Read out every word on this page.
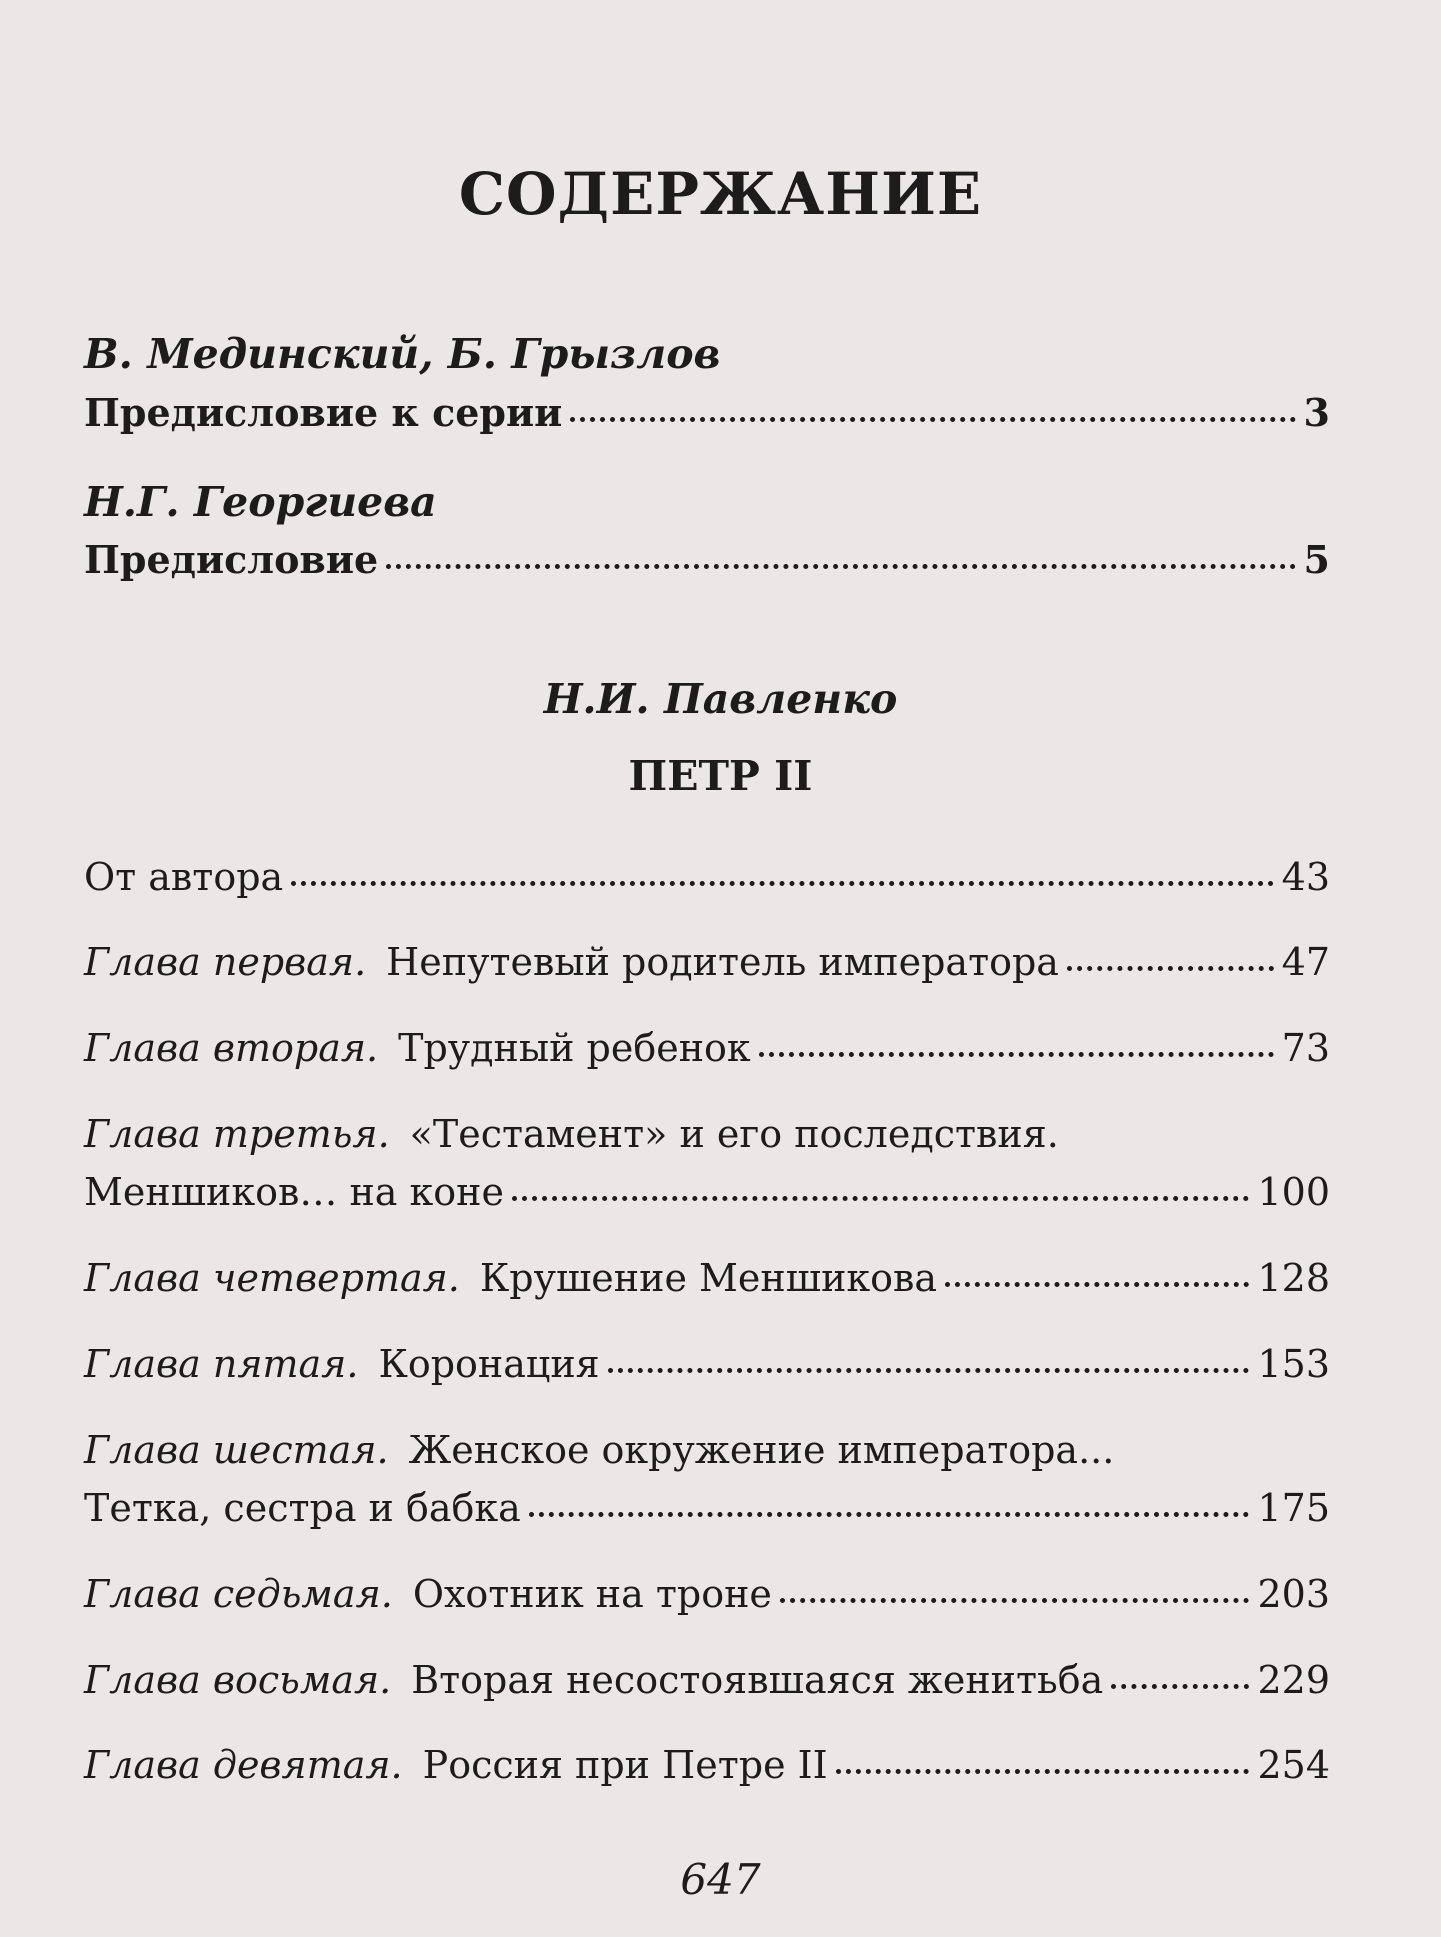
СОДЕРЖАНИЕ
В. Мединский, Б. Грызлов
Предисловие к серии	3
Н.Г. Георгиева
Предисловие	5
Н.И. Павленко
ПЕТР II
От автора	43
Глава первая. Непутевый родитель императора	47
Глава вторая. Трудный ребенок	73
Глава третья. «Тестамент» и его последствия.
Меншиков… на коне	100
Глава четвертая. Крушение Меншикова	128
Глава пятая. Коронация	153
Глава шестая. Женское окружение императора...
Тетка, сестра и бабка	175
Глава седьмая. Охотник на троне	203
Глава восьмая. Вторая несостоявшаяся женитьба	229
Глава девятая. Россия при Петре II	254
647
